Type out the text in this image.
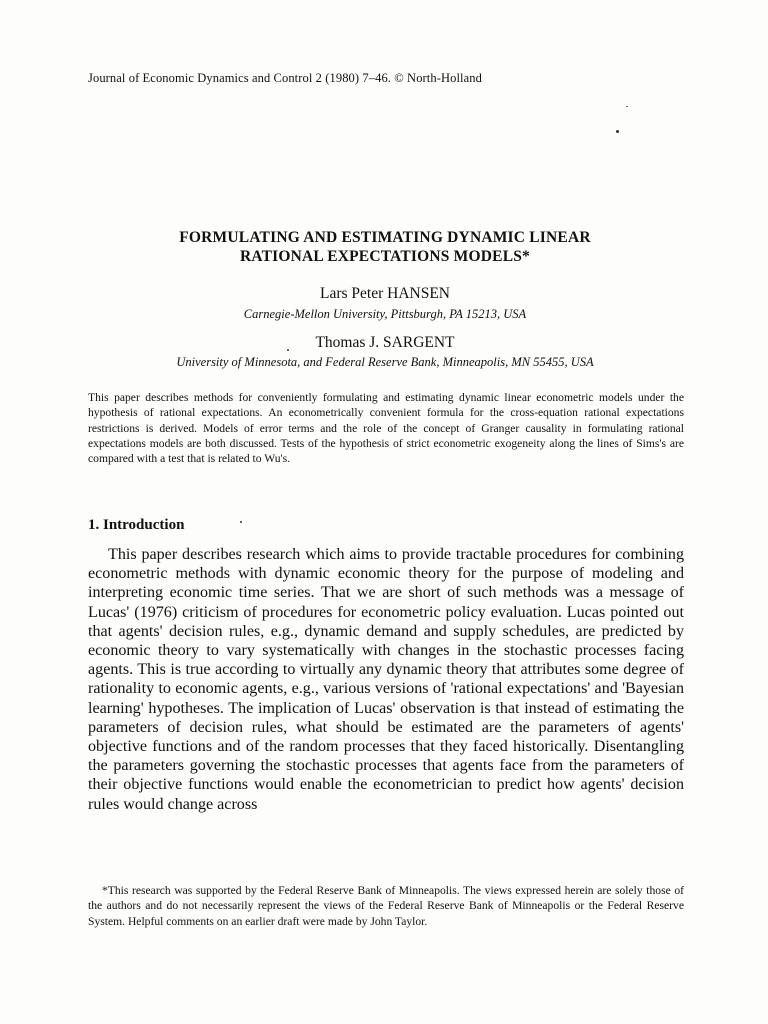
Journal of Economic Dynamics and Control 2 (1980) 7–46. © North-Holland
FORMULATING AND ESTIMATING DYNAMIC LINEAR
RATIONAL EXPECTATIONS MODELS*
Lars Peter HANSEN
Carnegie-Mellon University, Pittsburgh, PA 15213, USA
Thomas J. SARGENT
University of Minnesota, and Federal Reserve Bank, Minneapolis, MN 55455, USA
This paper describes methods for conveniently formulating and estimating dynamic linear econometric models under the hypothesis of rational expectations. An econometrically convenient formula for the cross-equation rational expectations restrictions is derived. Models of error terms and the role of the concept of Granger causality in formulating rational expectations models are both discussed. Tests of the hypothesis of strict econometric exogeneity along the lines of Sims's are compared with a test that is related to Wu's.
1. Introduction
This paper describes research which aims to provide tractable procedures for combining econometric methods with dynamic economic theory for the purpose of modeling and interpreting economic time series. That we are short of such methods was a message of Lucas' (1976) criticism of procedures for econometric policy evaluation. Lucas pointed out that agents' decision rules, e.g., dynamic demand and supply schedules, are predicted by economic theory to vary systematically with changes in the stochastic processes facing agents. This is true according to virtually any dynamic theory that attributes some degree of rationality to economic agents, e.g., various versions of 'rational expectations' and 'Bayesian learning' hypotheses. The implication of Lucas' observation is that instead of estimating the parameters of decision rules, what should be estimated are the parameters of agents' objective functions and of the random processes that they faced historically. Disentangling the parameters governing the stochastic processes that agents face from the parameters of their objective functions would enable the econometrician to predict how agents' decision rules would change across
*This research was supported by the Federal Reserve Bank of Minneapolis. The views expressed herein are solely those of the authors and do not necessarily represent the views of the Federal Reserve Bank of Minneapolis or the Federal Reserve System. Helpful comments on an earlier draft were made by John Taylor.
